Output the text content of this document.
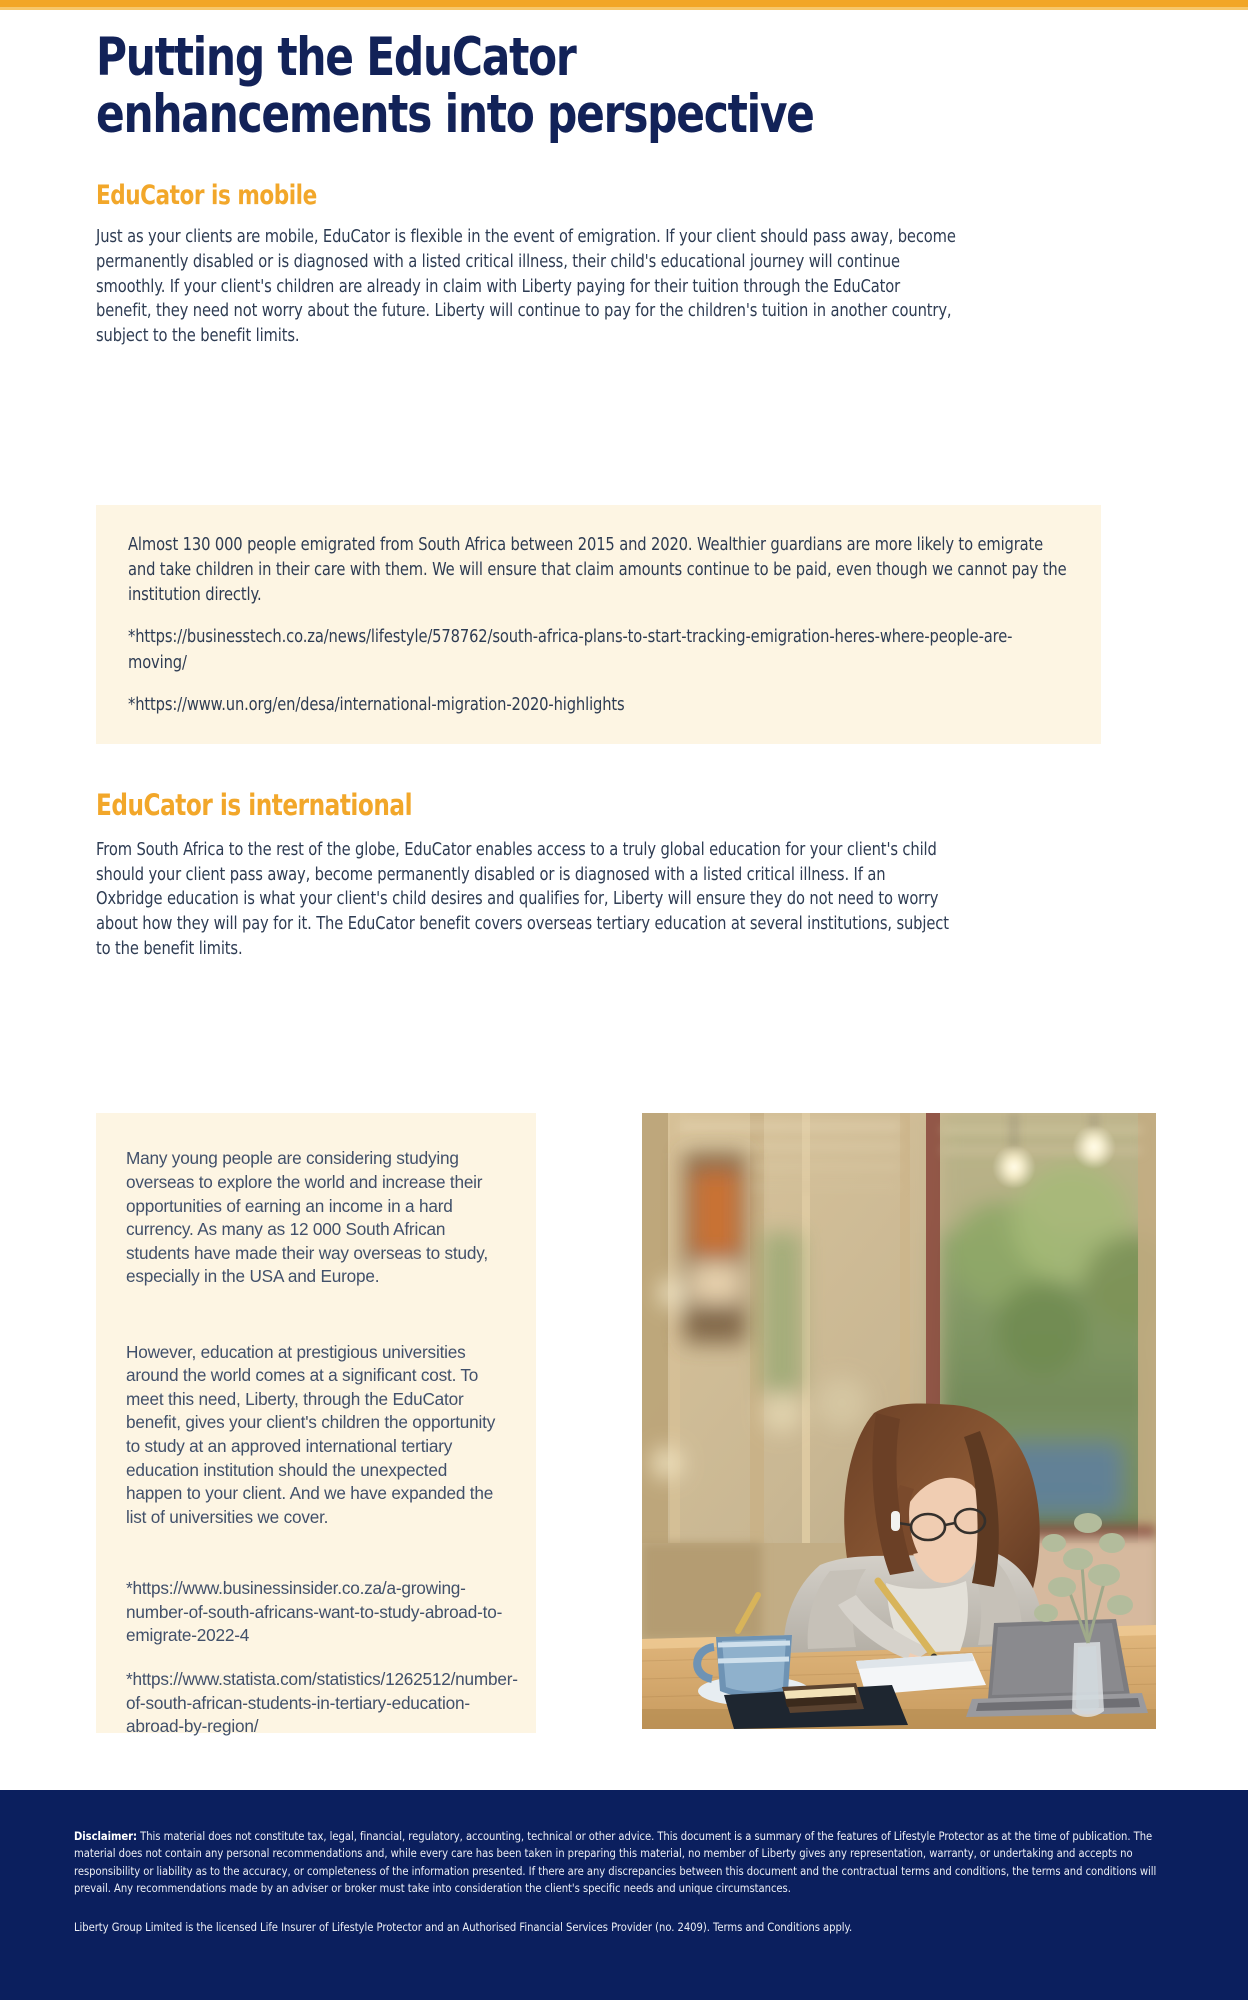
Putting the EduCator
enhancements into perspective
EduCator is mobile

Just as your clients are mobile, EduCator is flexible in the event of emigration. If your client should pass away, become permanently disabled or is diagnosed with a listed critical illness, their child's educational journey will continue smoothly. If your client's children are already in claim with Liberty paying for their tuition through the EduCator benefit, they need not worry about the future. Liberty will continue to pay for the children's tuition in another country, subject to the benefit limits.

Almost 130 000 people emigrated from South Africa between 2015 and 2020. Wealthier guardians are more likely to emigrate and take children in their care with them. We will ensure that claim amounts continue to be paid, even though we cannot pay the institution directly.

*https://businesstech.co.za/news/lifestyle/578762/south-africa-plans-to-start-tracking-emigration-heres-where-people-are-moving/

*https://www.un.org/en/desa/international-migration-2020-highlights

EduCator is international

From South Africa to the rest of the globe, EduCator enables access to a truly global education for your client's child should your client pass away, become permanently disabled or is diagnosed with a listed critical illness. If an Oxbridge education is what your client's child desires and qualifies for, Liberty will ensure they do not need to worry about how they will pay for it. The EduCator benefit covers overseas tertiary education at several institutions, subject to the benefit limits.

Many young people are considering studying overseas to explore the world and increase their opportunities of earning an income in a hard currency. As many as 12 000 South African students have made their way overseas to study, especially in the USA and Europe.

However, education at prestigious universities around the world comes at a significant cost. To meet this need, Liberty, through the EduCator benefit, gives your client's children the opportunity to study at an approved international tertiary education institution should the unexpected happen to your client. And we have expanded the list of universities we cover.

*https://www.businessinsider.co.za/a-growing-number-of-south-africans-want-to-study-abroad-to-emigrate-2022-4

*https://www.statista.com/statistics/1262512/number-of-south-african-students-in-tertiary-education-abroad-by-region/

Disclaimer: This material does not constitute tax, legal, financial, regulatory, accounting, technical or other advice. This document is a summary of the features of Lifestyle Protector as at the time of publication. The material does not contain any personal recommendations and, while every care has been taken in preparing this material, no member of Liberty gives any representation, warranty, or undertaking and accepts no responsibility or liability as to the accuracy, or completeness of the information presented. If there are any discrepancies between this document and the contractual terms and conditions, the terms and conditions will prevail. Any recommendations made by an adviser or broker must take into consideration the client's specific needs and unique circumstances.

Liberty Group Limited is the licensed Life Insurer of Lifestyle Protector and an Authorised Financial Services Provider (no. 2409). Terms and Conditions apply.
